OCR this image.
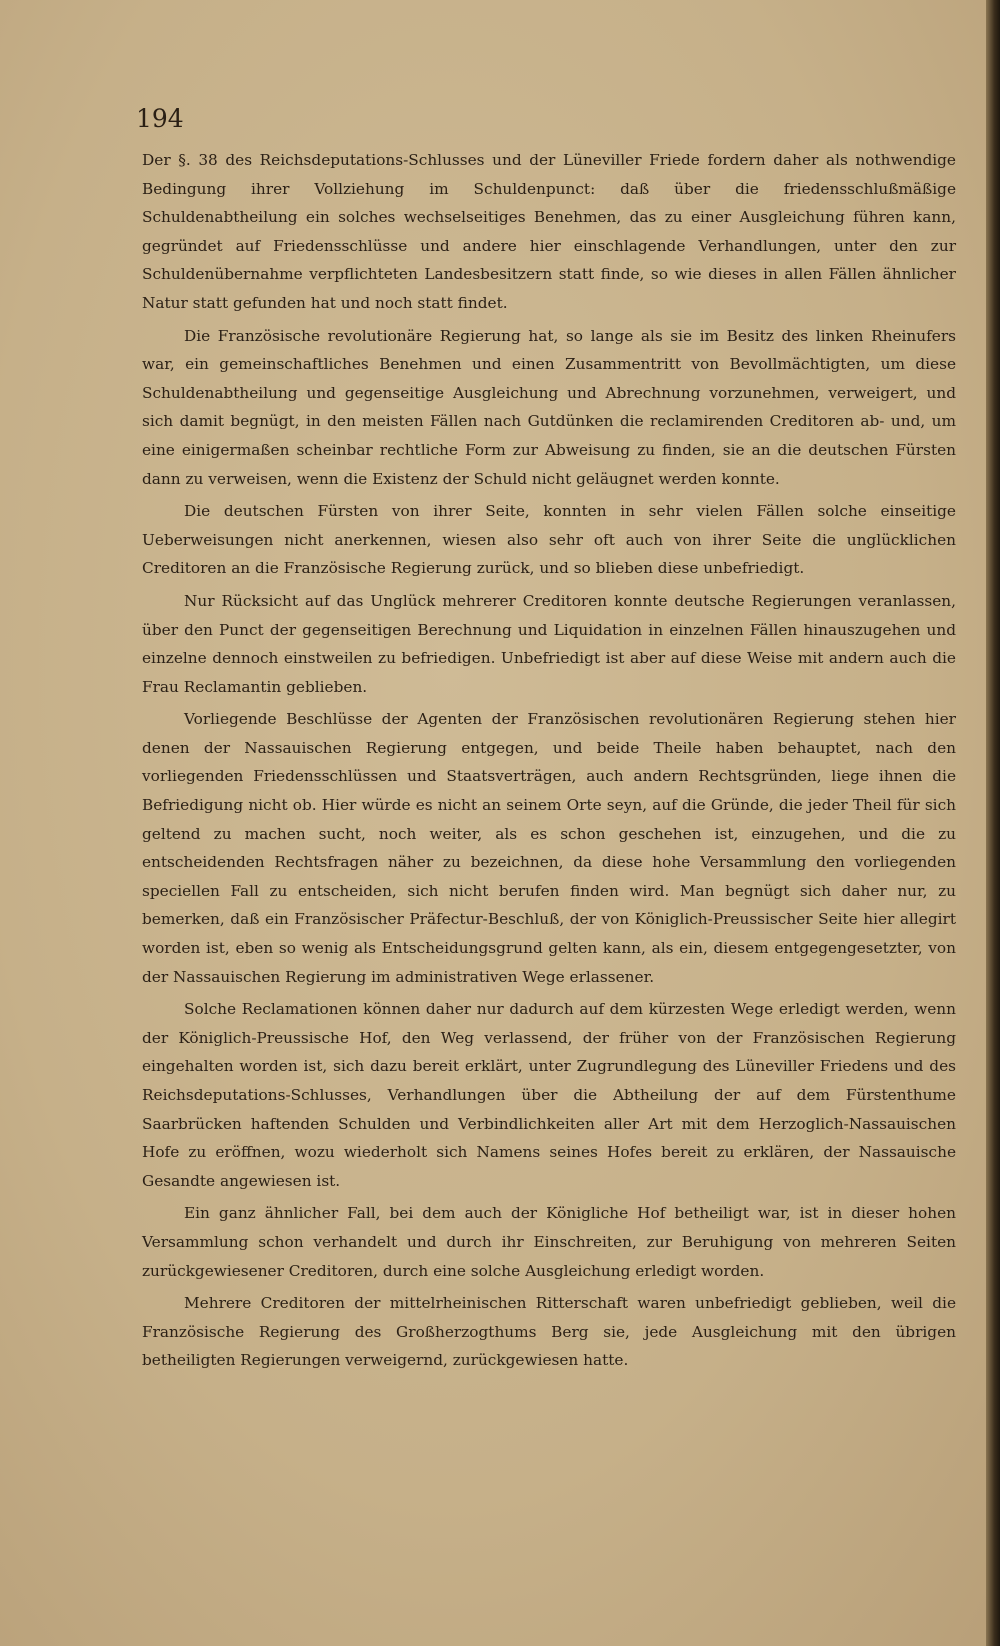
194

Der §. 38 des Reichsdeputations-Schlusses und der Lüneviller Friede fordern daher als nothwendige Bedingung ihrer Vollziehung im Schuldenpunct: daß über die friedensschlußmäßige Schuldenabtheilung ein solches wechselseitiges Benehmen, das zu einer Ausgleichung führen kann, gegründet auf Friedensschlüsse und andere hier einschlagende Verhandlungen, unter den zur Schuldenübernahme verpflichteten Landesbesitzern statt finde, so wie dieses in allen Fällen ähnlicher Natur statt gefunden hat und noch statt findet.

Die Französische revolutionäre Regierung hat, so lange als sie im Besitz des linken Rheinufers war, ein gemeinschaftliches Benehmen und einen Zusammentritt von Bevollmächtigten, um diese Schuldenabtheilung und gegenseitige Ausgleichung und Abrechnung vorzunehmen, verweigert, und sich damit begnügt, in den meisten Fällen nach Gutdünken die reclamirenden Creditoren ab- und, um eine einigermaßen scheinbar rechtliche Form zur Abweisung zu finden, sie an die deutschen Fürsten dann zu verweisen, wenn die Existenz der Schuld nicht geläugnet werden konnte.

Die deutschen Fürsten von ihrer Seite, konnten in sehr vielen Fällen solche einseitige Ueberweisungen nicht anerkennen, wiesen also sehr oft auch von ihrer Seite die unglücklichen Creditoren an die Französische Regierung zurück, und so blieben diese unbefriedigt.

Nur Rücksicht auf das Unglück mehrerer Creditoren konnte deutsche Regierungen veranlassen, über den Punct der gegenseitigen Berechnung und Liquidation in einzelnen Fällen hinauszugehen und einzelne dennoch einstweilen zu befriedigen. Unbefriedigt ist aber auf diese Weise mit andern auch die Frau Reclamantin geblieben.

Vorliegende Beschlüsse der Agenten der Französischen revolutionären Regierung stehen hier denen der Nassauischen Regierung entgegen, und beide Theile haben behauptet, nach den vorliegenden Friedensschlüssen und Staatsverträgen, auch andern Rechtsgründen, liege ihnen die Befriedigung nicht ob. Hier würde es nicht an seinem Orte seyn, auf die Gründe, die jeder Theil für sich geltend zu machen sucht, noch weiter, als es schon geschehen ist, einzugehen, und die zu entscheidenden Rechtsfragen näher zu bezeichnen, da diese hohe Versammlung den vorliegenden speciellen Fall zu entscheiden, sich nicht berufen finden wird. Man begnügt sich daher nur, zu bemerken, daß ein Französischer Präfectur-Beschluß, der von Königlich-Preussischer Seite hier allegirt worden ist, eben so wenig als Entscheidungsgrund gelten kann, als ein, diesem entgegengesetzter, von der Nassauischen Regierung im administrativen Wege erlassener.

Solche Reclamationen können daher nur dadurch auf dem kürzesten Wege erledigt werden, wenn der Königlich-Preussische Hof, den Weg verlassend, der früher von der Französischen Regierung eingehalten worden ist, sich dazu bereit erklärt, unter Zugrundlegung des Lüneviller Friedens und des Reichsdeputations-Schlusses, Verhandlungen über die Abtheilung der auf dem Fürstenthume Saarbrücken haftenden Schulden und Verbindlichkeiten aller Art mit dem Herzoglich-Nassauischen Hofe zu eröffnen, wozu wiederholt sich Namens seines Hofes bereit zu erklären, der Nassauische Gesandte angewiesen ist.

Ein ganz ähnlicher Fall, bei dem auch der Königliche Hof betheiligt war, ist in dieser hohen Versammlung schon verhandelt und durch ihr Einschreiten, zur Beruhigung von mehreren Seiten zurückgewiesener Creditoren, durch eine solche Ausgleichung erledigt worden.

Mehrere Creditoren der mittelrheinischen Ritterschaft waren unbefriedigt geblieben, weil die Französische Regierung des Großherzogthums Berg sie, jede Ausgleichung mit den übrigen betheiligten Regierungen verweigernd, zurückgewiesen hatte.
